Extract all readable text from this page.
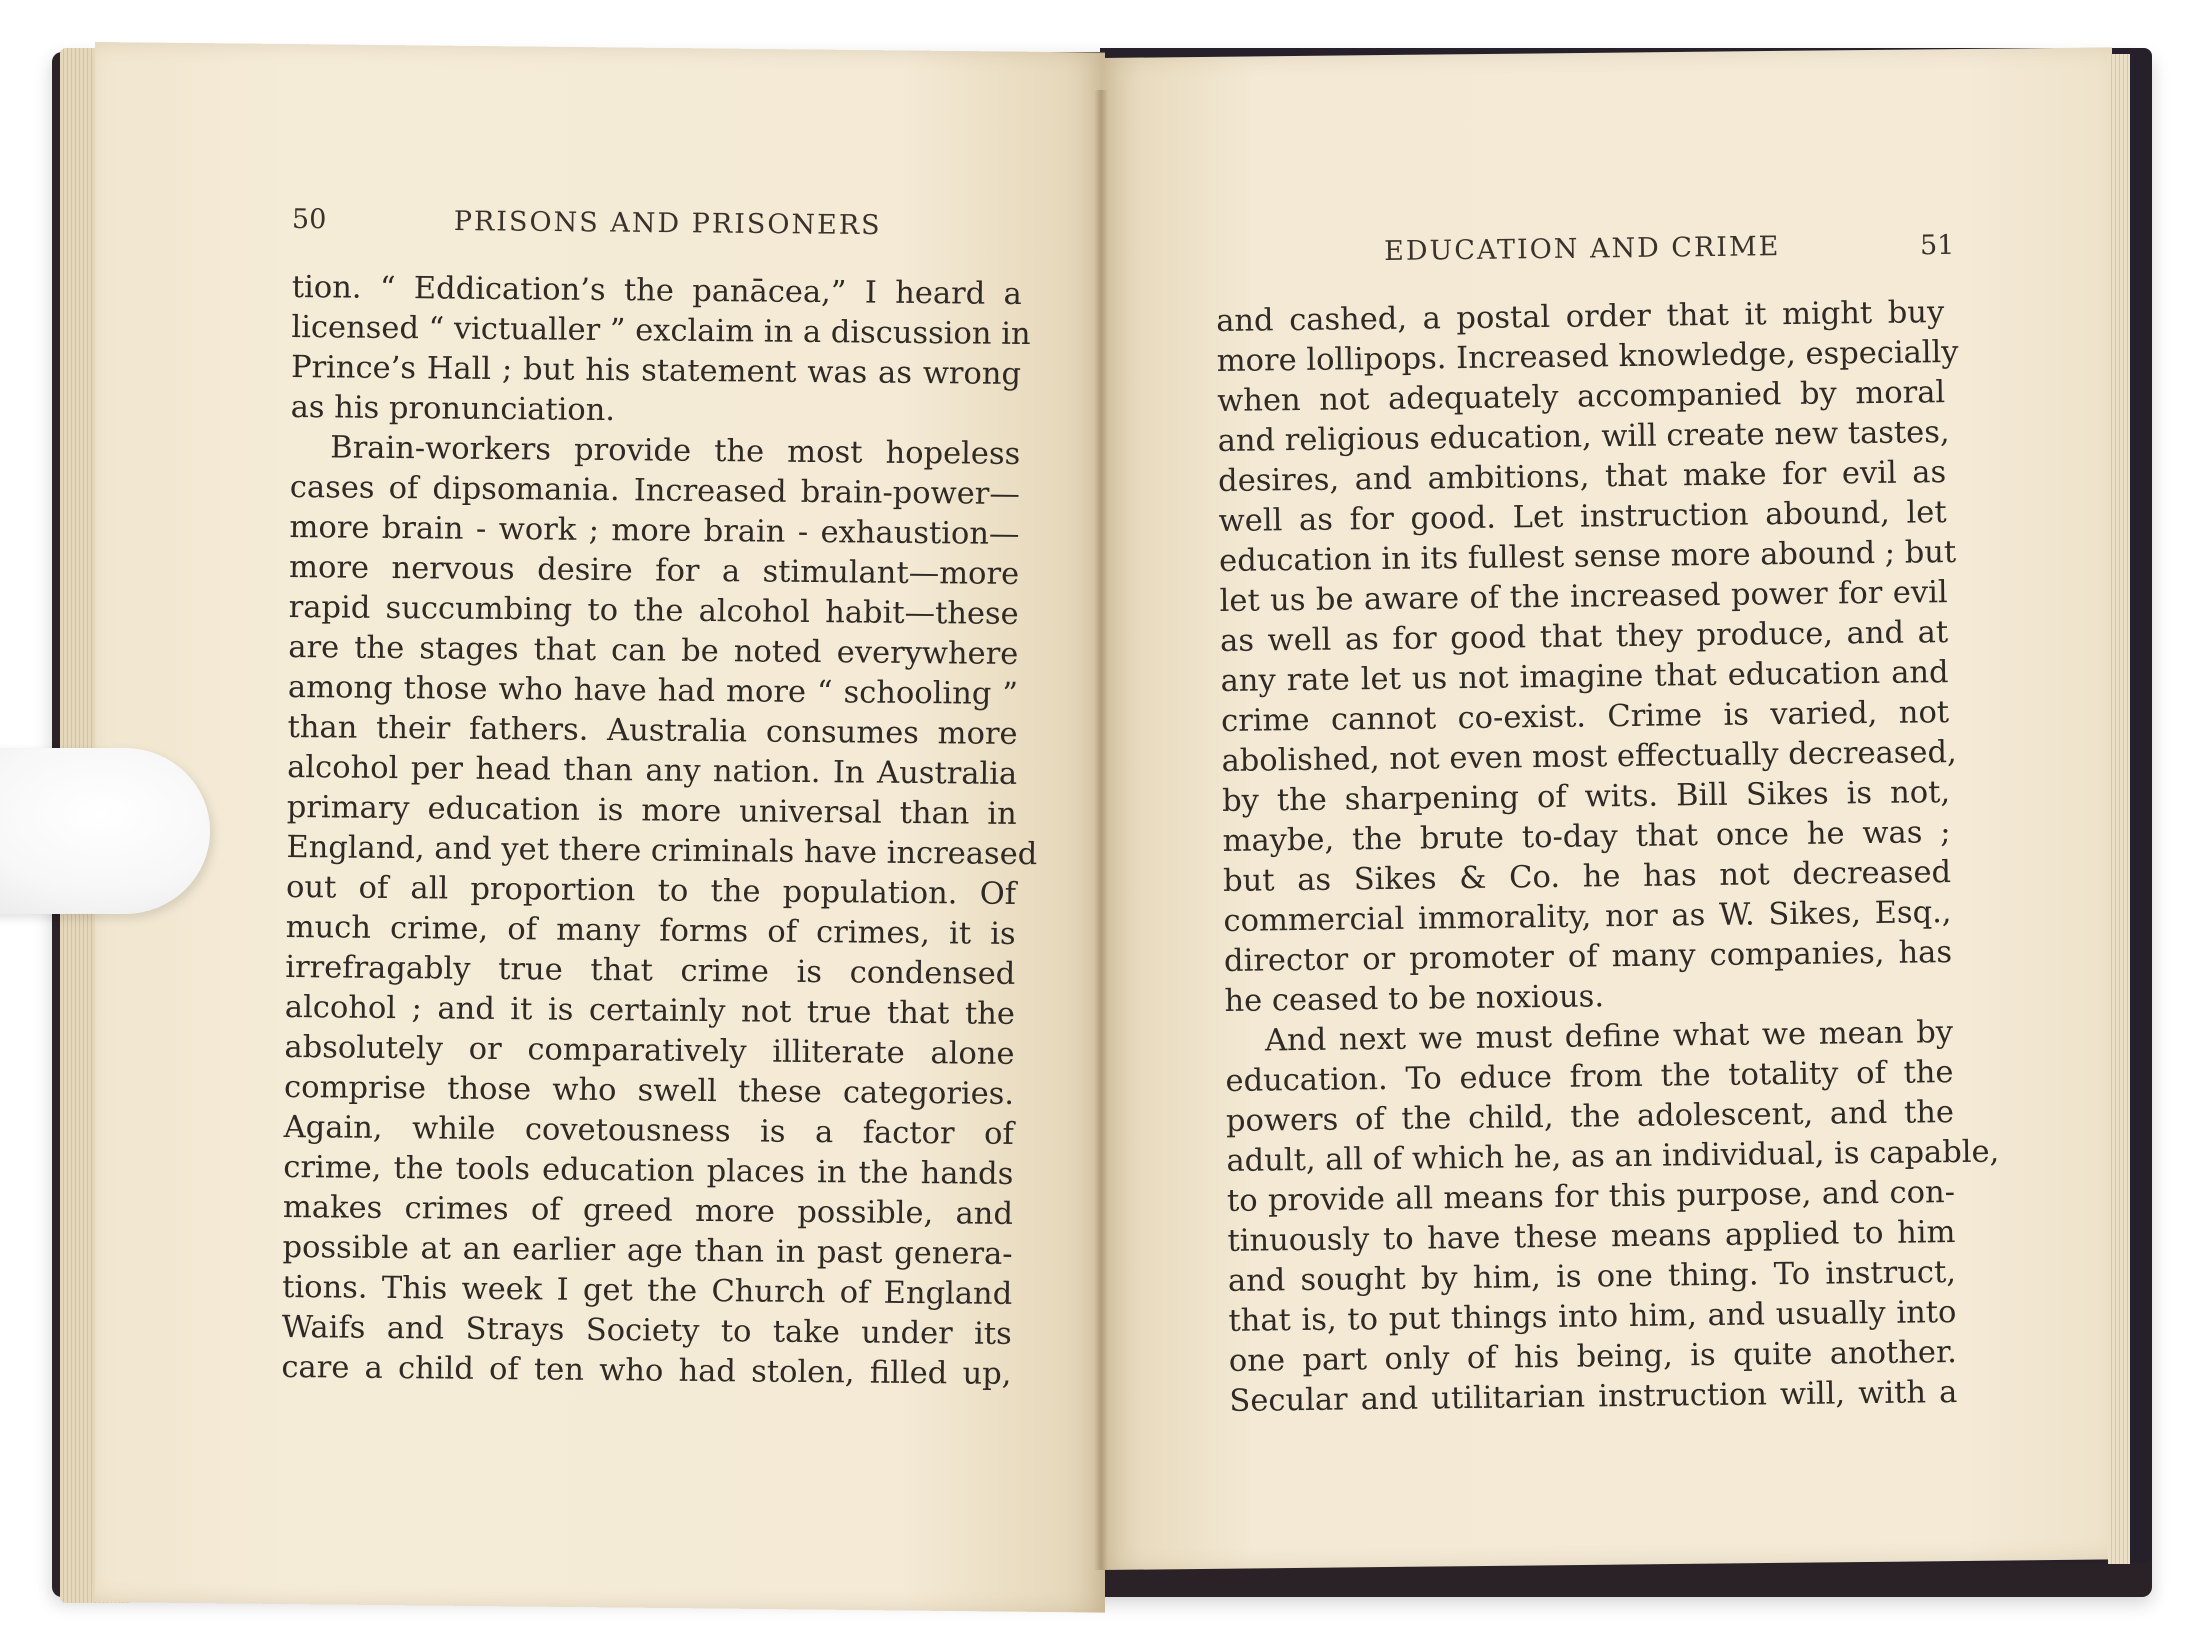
50	PRISONS AND PRISONERS
EDUCATION AND CRIME	51
tion. “ Eddication’s the panācea,” I heard a
licensed “ victualler ” exclaim in a discussion in
Prince’s Hall ; but his statement was as wrong
as his pronunciation.
Brain-workers provide the most hopeless
cases of dipsomania. Increased brain-power—
more brain - work ; more brain - exhaustion—
more nervous desire for a stimulant—more
rapid succumbing to the alcohol habit—these
are the stages that can be noted everywhere
among those who have had more “ schooling ”
than their fathers. Australia consumes more
alcohol per head than any nation. In Australia
primary education is more universal than in
England, and yet there criminals have increased
out of all proportion to the population. Of
much crime, of many forms of crimes, it is
irrefragably true that crime is condensed
alcohol ; and it is certainly not true that the
absolutely or comparatively illiterate alone
comprise those who swell these categories.
Again, while covetousness is a factor of
crime, the tools education places in the hands
makes crimes of greed more possible, and
possible at an earlier age than in past genera-
tions. This week I get the Church of England
Waifs and Strays Society to take under its
care a child of ten who had stolen, filled up,
and cashed, a postal order that it might buy
more lollipops. Increased knowledge, especially
when not adequately accompanied by moral
and religious education, will create new tastes,
desires, and ambitions, that make for evil as
well as for good. Let instruction abound, let
education in its fullest sense more abound ; but
let us be aware of the increased power for evil
as well as for good that they produce, and at
any rate let us not imagine that education and
crime cannot co-exist. Crime is varied, not
abolished, not even most effectually decreased,
by the sharpening of wits. Bill Sikes is not,
maybe, the brute to-day that once he was ;
but as Sikes & Co. he has not decreased
commercial immorality, nor as W. Sikes, Esq.,
director or promoter of many companies, has
he ceased to be noxious.
And next we must define what we mean by
education. To educe from the totality of the
powers of the child, the adolescent, and the
adult, all of which he, as an individual, is capable,
to provide all means for this purpose, and con-
tinuously to have these means applied to him
and sought by him, is one thing. To instruct,
that is, to put things into him, and usually into
one part only of his being, is quite another.
Secular and utilitarian instruction will, with a
